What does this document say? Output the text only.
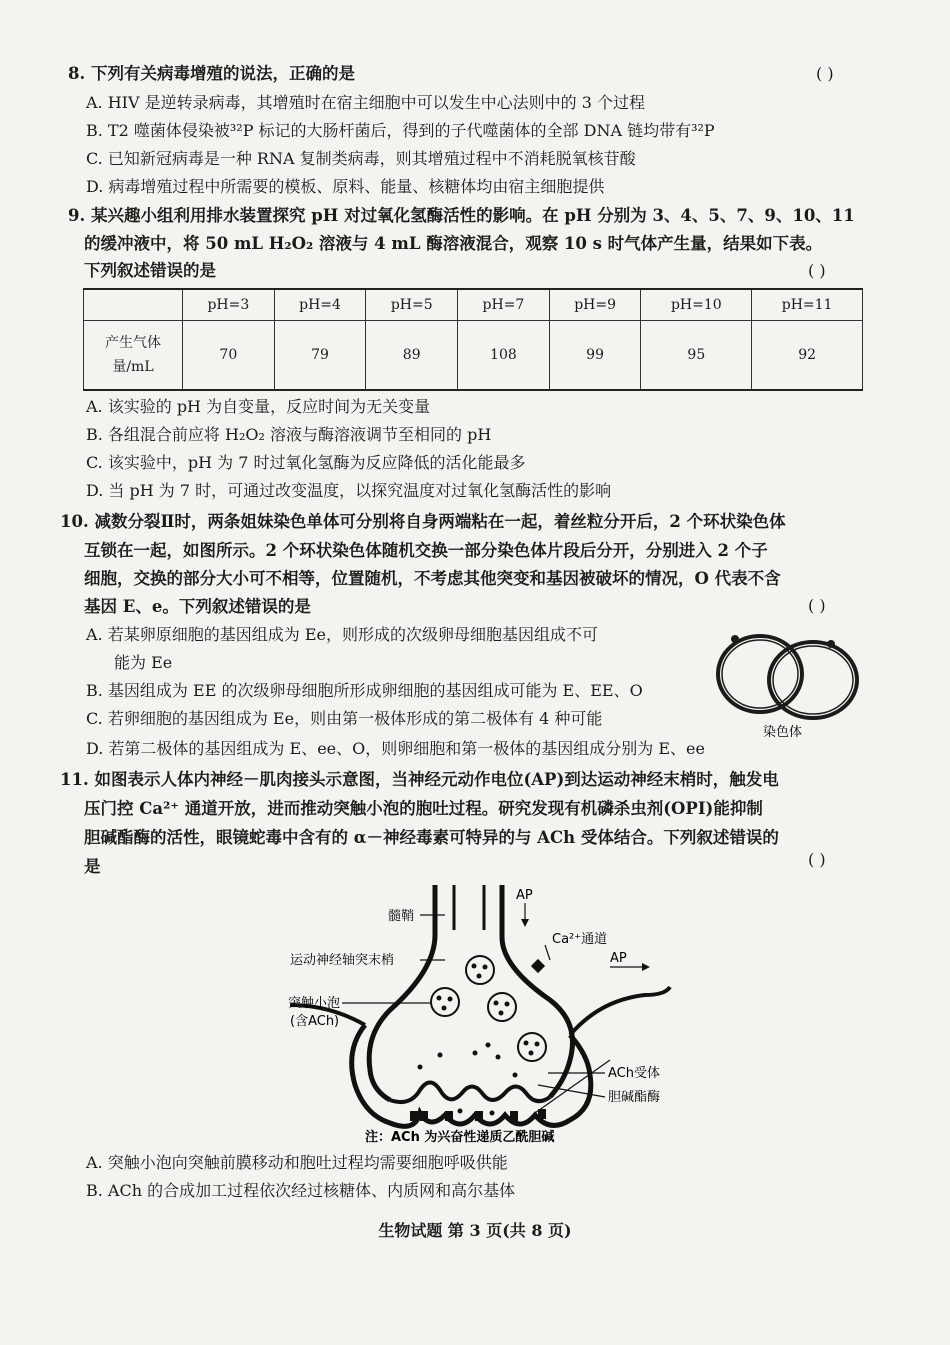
8. 下列有关病毒增殖的说法，正确的是	( )
A. HIV 是逆转录病毒，其增殖时在宿主细胞中可以发生中心法则中的 3 个过程
B. T2 噬菌体侵染被³²P 标记的大肠杆菌后，得到的子代噬菌体的全部 DNA 链均带有³²P
C. 已知新冠病毒是一种 RNA 复制类病毒，则其增殖过程中不消耗脱氧核苷酸
D. 病毒增殖过程中所需要的模板、原料、能量、核糖体均由宿主细胞提供
9. 某兴趣小组利用排水装置探究 pH 对过氧化氢酶活性的影响。在 pH 分别为 3、4、5、7、9、10、11
的缓冲液中，将 50 mL H₂O₂ 溶液与 4 mL 酶溶液混合，观察 10 s 时气体产生量，结果如下表。
下列叙述错误的是	( )
	pH=3	pH=4	pH=5	pH=7	pH=9	pH=10	pH=11

产生气体
量/mL	70	79	89	108	99	95	92
A. 该实验的 pH 为自变量，反应时间为无关变量
B. 各组混合前应将 H₂O₂ 溶液与酶溶液调节至相同的 pH
C. 该实验中，pH 为 7 时过氧化氢酶为反应降低的活化能最多
D. 当 pH 为 7 时，可通过改变温度，以探究温度对过氧化氢酶活性的影响
10. 减数分裂Ⅱ时，两条姐妹染色单体可分别将自身两端粘在一起，着丝粒分开后，2 个环状染色体
互锁在一起，如图所示。2 个环状染色体随机交换一部分染色体片段后分开，分别进入 2 个子
细胞，交换的部分大小可不相等，位置随机，不考虑其他突变和基因被破坏的情况，O 代表不含
基因 E、e。下列叙述错误的是	( )
染色体
A. 若某卵原细胞的基因组成为 Ee，则形成的次级卵母细胞基因组成不可
能为 Ee
B. 基因组成为 EE 的次级卵母细胞所形成卵细胞的基因组成可能为 E、EE、O
C. 若卵细胞的基因组成为 Ee，则由第一极体形成的第二极体有 4 种可能
D. 若第二极体的基因组成为 E、ee、O，则卵细胞和第一极体的基因组成分别为 E、ee
11. 如图表示人体内神经－肌肉接头示意图，当神经元动作电位(AP)到达运动神经末梢时，触发电
压门控 Ca²⁺ 通道开放，进而推动突触小泡的胞吐过程。研究发现有机磷杀虫剂(OPI)能抑制
胆碱酯酶的活性，眼镜蛇毒中含有的 α－神经毒素可特异的与 ACh 受体结合。下列叙述错误的
是	( )
髓鞘
AP
Ca²⁺通道
AP
运动神经轴突末梢
突触小泡
(含ACh)
ACh受体
胆碱酯酶
注：ACh 为兴奋性递质乙酰胆碱
A. 突触小泡向突触前膜移动和胞吐过程均需要细胞呼吸供能
B. ACh 的合成加工过程依次经过核糖体、内质网和高尔基体
生物试题 第 3 页(共 8 页)
